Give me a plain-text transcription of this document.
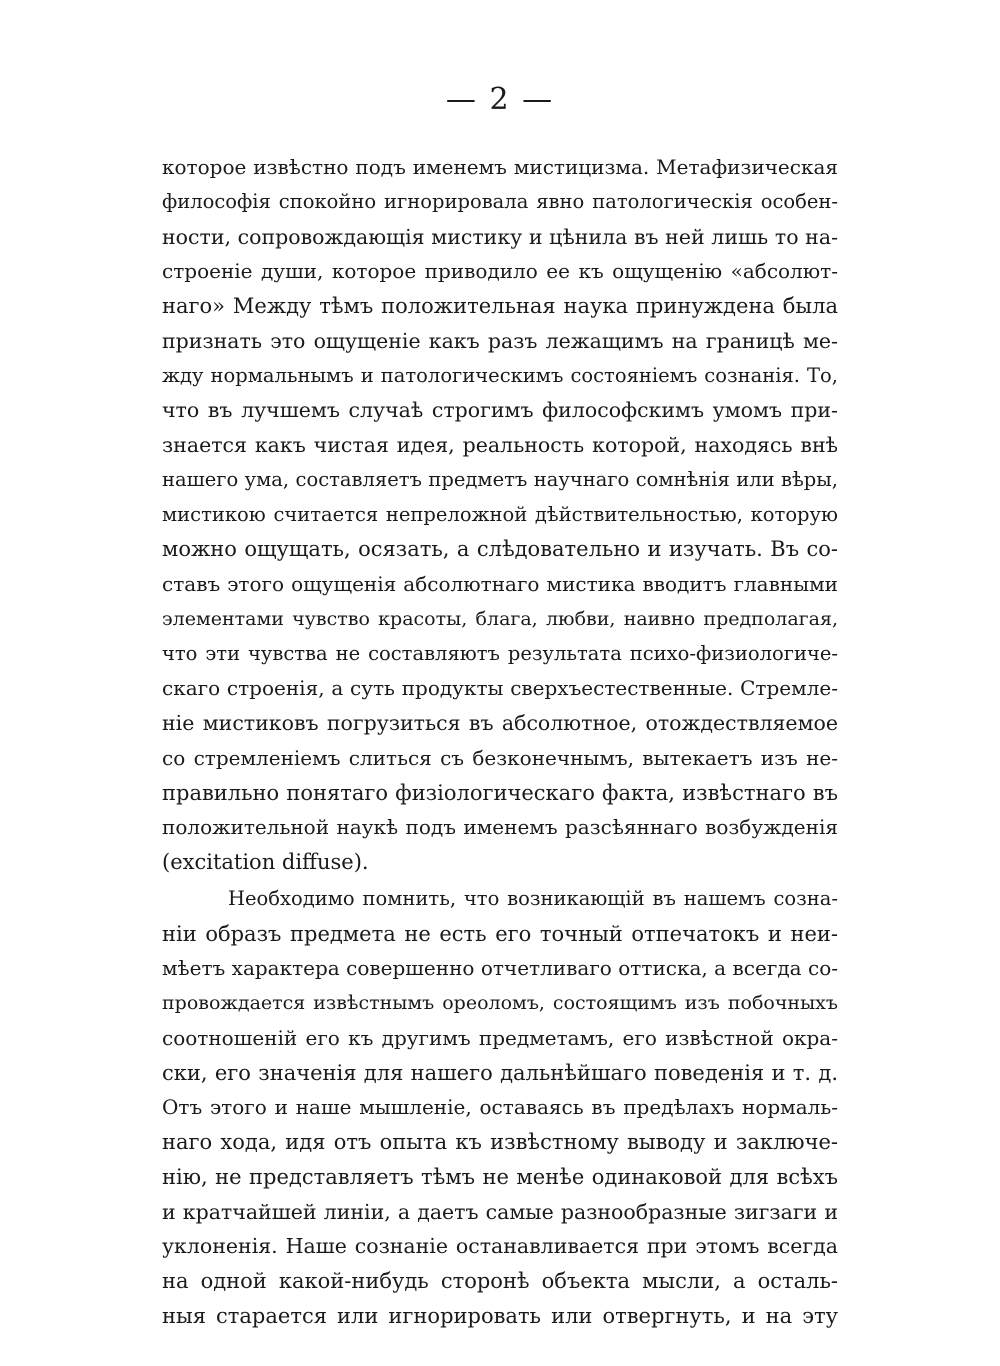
— 2 —
которое извѣстно подъ именемъ мистицизма. Метафизическая
философія спокойно игнорировала явно патологическія особен-
ности, сопровождающія мистику и цѣнила въ ней лишь то на-
строеніе души, которое приводило ее къ ощущенію «абсолют-
наго» Между тѣмъ положительная наука принуждена была
признать это ощущеніе какъ разъ лежащимъ на границѣ ме-
жду нормальнымъ и патологическимъ состояніемъ сознанія. То,
что въ лучшемъ случаѣ строгимъ философскимъ умомъ при-
знается какъ чистая идея, реальность которой, находясь внѣ
нашего ума, составляетъ предметъ научнаго сомнѣнія или вѣры,
мистикою считается непреложной дѣйствительностью, которую
можно ощущать, осязать, а слѣдовательно и изучать. Въ со-
ставъ этого ощущенія абсолютнаго мистика вводитъ главными
элементами чувство красоты, блага, любви, наивно предполагая,
что эти чувства не составляютъ результата психо-физиологиче-
скаго строенія, а суть продукты сверхъестественные. Стремле-
ніе мистиковъ погрузиться въ абсолютное, отождествляемое
со стремленіемъ слиться съ безконечнымъ, вытекаетъ изъ не-
правильно понятаго физіологическаго факта, извѣстнаго въ
положительной наукѣ подъ именемъ разсѣяннаго возбужденія
(excitation diffuse).
Необходимо помнить, что возникающій въ нашемъ созна-
ніи образъ предмета не есть его точный отпечатокъ и неи-
мѣетъ характера совершенно отчетливаго оттиска, а всегда со-
провождается извѣстнымъ ореоломъ, состоящимъ изъ побочныхъ
соотношеній его къ другимъ предметамъ, его извѣстной окра-
ски, его значенія для нашего дальнѣйшаго поведенія и т. д.
Отъ этого и наше мышленіе, оставаясь въ предѣлахъ нормаль-
наго хода, идя отъ опыта къ извѣстному выводу и заключе-
нію, не представляетъ тѣмъ не менѣе одинаковой для всѣхъ
и кратчайшей линіи, а даетъ самые разнообразные зигзаги и
уклоненія. Наше сознаніе останавливается при этомъ всегда
на одной какой-нибудь сторонѣ объекта мысли, а осталь-
ныя старается или игнорировать или отвергнуть, и на эту
